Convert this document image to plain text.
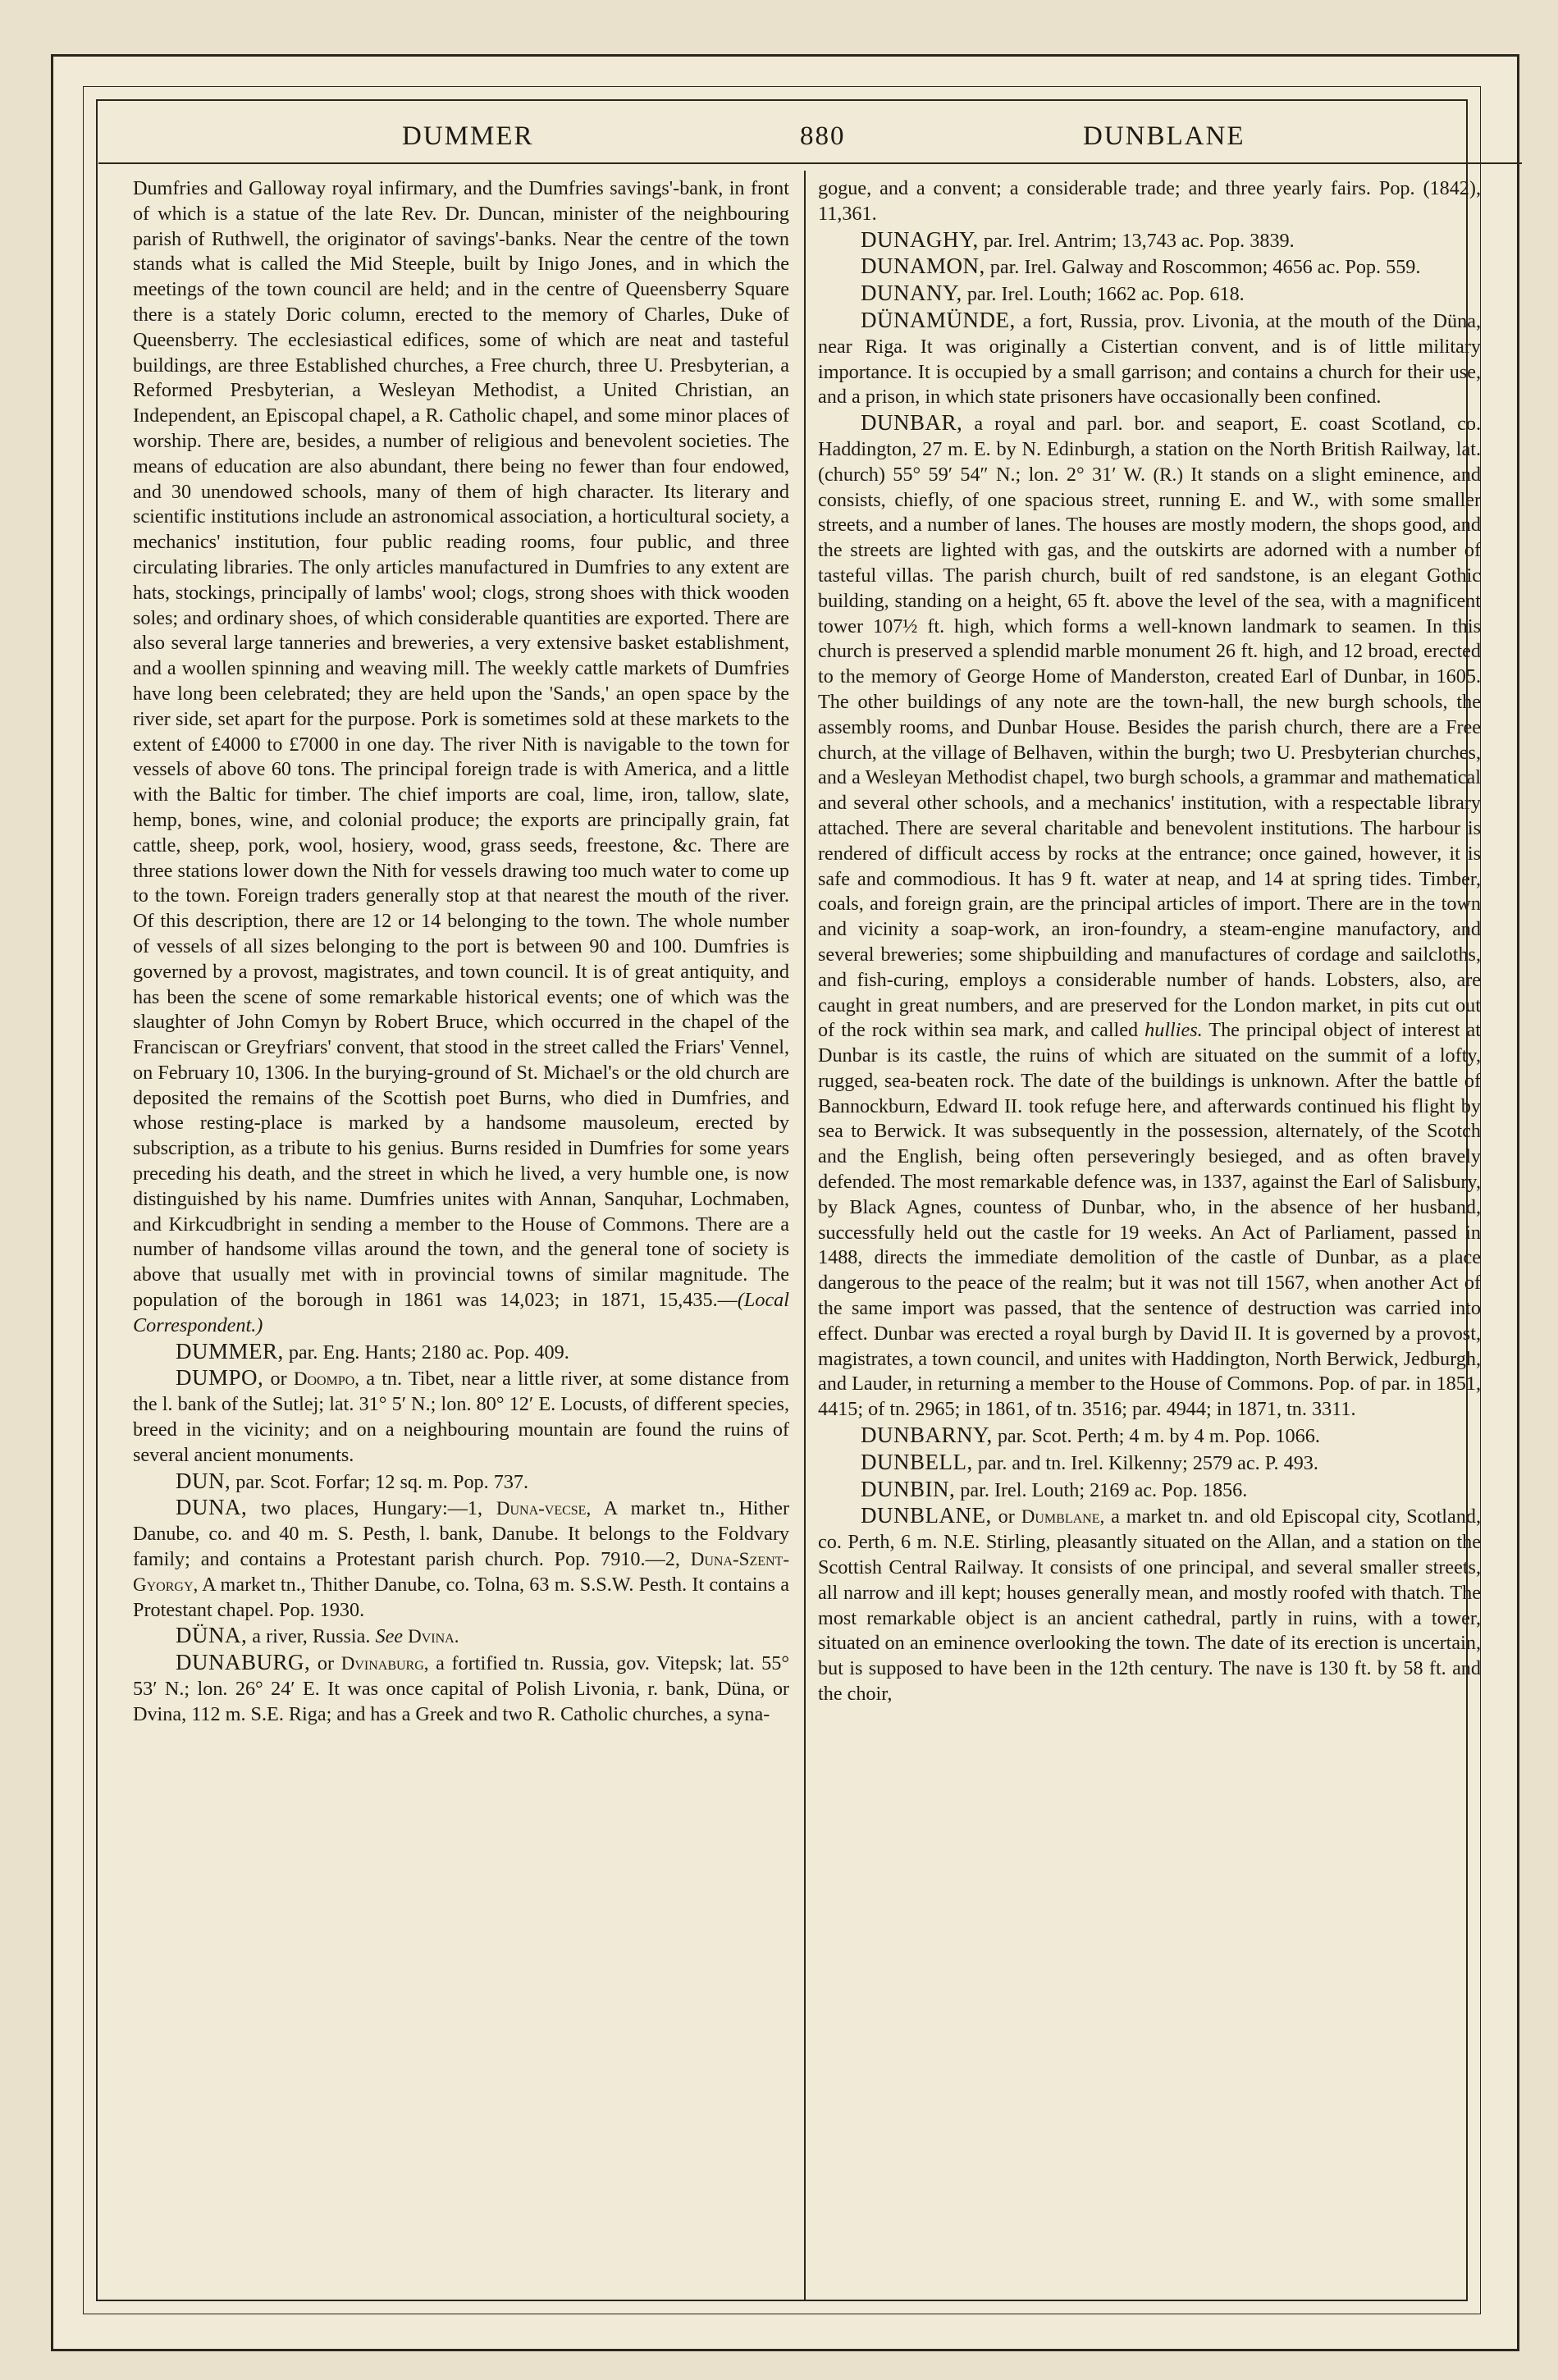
DUMMER	880	DUNBLANE

Dumfries and Galloway royal infirmary, and the Dumfries savings'-bank, in front of which is a statue of the late Rev. Dr. Duncan, minister of the neighbouring parish of Ruthwell, the originator of savings'-banks. Near the centre of the town stands what is called the Mid Steeple, built by Inigo Jones, and in which the meetings of the town council are held; and in the centre of Queensberry Square there is a stately Doric column, erected to the memory of Charles, Duke of Queensberry. The ecclesiastical edifices, some of which are neat and tasteful buildings, are three Established churches, a Free church, three U. Presbyterian, a Reformed Presbyterian, a Wesleyan Methodist, a United Christian, an Independent, an Episcopal chapel, a R. Catholic chapel, and some minor places of worship. There are, besides, a number of religious and benevolent societies. The means of education are also abundant, there being no fewer than four endowed, and 30 unendowed schools, many of them of high character. Its literary and scientific institutions include an astronomical association, a horticultural society, a mechanics' institution, four public reading rooms, four public, and three circulating libraries. The only articles manufactured in Dumfries to any extent are hats, stockings, principally of lambs' wool; clogs, strong shoes with thick wooden soles; and ordinary shoes, of which considerable quantities are exported. There are also several large tanneries and breweries, a very extensive basket establishment, and a woollen spinning and weaving mill. The weekly cattle markets of Dumfries have long been celebrated; they are held upon the 'Sands,' an open space by the river side, set apart for the purpose. Pork is sometimes sold at these markets to the extent of £4000 to £7000 in one day. The river Nith is navigable to the town for vessels of above 60 tons. The principal foreign trade is with America, and a little with the Baltic for timber. The chief imports are coal, lime, iron, tallow, slate, hemp, bones, wine, and colonial produce; the exports are principally grain, fat cattle, sheep, pork, wool, hosiery, wood, grass seeds, freestone, &c. There are three stations lower down the Nith for vessels drawing too much water to come up to the town. Foreign traders generally stop at that nearest the mouth of the river. Of this description, there are 12 or 14 belonging to the town. The whole number of vessels of all sizes belonging to the port is between 90 and 100. Dumfries is governed by a provost, magistrates, and town council. It is of great antiquity, and has been the scene of some remarkable historical events; one of which was the slaughter of John Comyn by Robert Bruce, which occurred in the chapel of the Franciscan or Greyfriars' convent, that stood in the street called the Friars' Vennel, on February 10, 1306. In the burying-ground of St. Michael's or the old church are deposited the remains of the Scottish poet Burns, who died in Dumfries, and whose resting-place is marked by a handsome mausoleum, erected by subscription, as a tribute to his genius. Burns resided in Dumfries for some years preceding his death, and the street in which he lived, a very humble one, is now distinguished by his name. Dumfries unites with Annan, Sanquhar, Lochmaben, and Kirkcudbright in sending a member to the House of Commons. There are a number of handsome villas around the town, and the general tone of society is above that usually met with in provincial towns of similar magnitude. The population of the borough in 1861 was 14,023; in 1871, 15,435.—(Local Correspondent.)

DUMMER, par. Eng. Hants; 2180 ac. Pop. 409.

DUMPO, or Doompo, a tn. Tibet, near a little river, at some distance from the l. bank of the Sutlej; lat. 31° 5′ N.; lon. 80° 12′ E. Locusts, of different species, breed in the vicinity; and on a neighbouring mountain are found the ruins of several ancient monuments.

DUN, par. Scot. Forfar; 12 sq. m. Pop. 737.

DUNA, two places, Hungary:—1, Duna-vecse, A market tn., Hither Danube, co. and 40 m. S. Pesth, l. bank, Danube. It belongs to the Foldvary family; and contains a Protestant parish church. Pop. 7910.—2, Duna-Szent-Gyorgy, A market tn., Thither Danube, co. Tolna, 63 m. S.S.W. Pesth. It contains a Protestant chapel. Pop. 1930.

DÜNA, a river, Russia. See Dvina.

DUNABURG, or Dvinaburg, a fortified tn. Russia, gov. Vitepsk; lat. 55° 53′ N.; lon. 26° 24′ E. It was once capital of Polish Livonia, r. bank, Düna, or Dvina, 112 m. S.E. Riga; and has a Greek and two R. Catholic churches, a syna-

gogue, and a convent; a considerable trade; and three yearly fairs. Pop. (1842), 11,361.

DUNAGHY, par. Irel. Antrim; 13,743 ac. Pop. 3839.

DUNAMON, par. Irel. Galway and Roscommon; 4656 ac. Pop. 559.

DUNANY, par. Irel. Louth; 1662 ac. Pop. 618.

DÜNAMÜNDE, a fort, Russia, prov. Livonia, at the mouth of the Düna, near Riga. It was originally a Cistertian convent, and is of little military importance. It is occupied by a small garrison; and contains a church for their use, and a prison, in which state prisoners have occasionally been confined.

DUNBAR, a royal and parl. bor. and seaport, E. coast Scotland, co. Haddington, 27 m. E. by N. Edinburgh, a station on the North British Railway, lat. (church) 55° 59′ 54″ N.; lon. 2° 31′ W. (R.) It stands on a slight eminence, and consists, chiefly, of one spacious street, running E. and W., with some smaller streets, and a number of lanes. The houses are mostly modern, the shops good, and the streets are lighted with gas, and the outskirts are adorned with a number of tasteful villas. The parish church, built of red sandstone, is an elegant Gothic building, standing on a height, 65 ft. above the level of the sea, with a magnificent tower 107½ ft. high, which forms a well-known landmark to seamen. In this church is preserved a splendid marble monument 26 ft. high, and 12 broad, erected to the memory of George Home of Manderston, created Earl of Dunbar, in 1605. The other buildings of any note are the town-hall, the new burgh schools, the assembly rooms, and Dunbar House. Besides the parish church, there are a Free church, at the village of Belhaven, within the burgh; two U. Presbyterian churches, and a Wesleyan Methodist chapel, two burgh schools, a grammar and mathematical and several other schools, and a mechanics' institution, with a respectable library attached. There are several charitable and benevolent institutions. The harbour is rendered of difficult access by rocks at the entrance; once gained, however, it is safe and commodious. It has 9 ft. water at neap, and 14 at spring tides. Timber, coals, and foreign grain, are the principal articles of import. There are in the town and vicinity a soap-work, an iron-foundry, a steam-engine manufactory, and several breweries; some shipbuilding and manufactures of cordage and sailcloths, and fish-curing, employs a considerable number of hands. Lobsters, also, are caught in great numbers, and are preserved for the London market, in pits cut out of the rock within sea mark, and called hullies. The principal object of interest at Dunbar is its castle, the ruins of which are situated on the summit of a lofty, rugged, sea-beaten rock. The date of the buildings is unknown. After the battle of Bannockburn, Edward II. took refuge here, and afterwards continued his flight by sea to Berwick. It was subsequently in the possession, alternately, of the Scotch and the English, being often perseveringly besieged, and as often bravely defended. The most remarkable defence was, in 1337, against the Earl of Salisbury, by Black Agnes, countess of Dunbar, who, in the absence of her husband, successfully held out the castle for 19 weeks. An Act of Parliament, passed in 1488, directs the immediate demolition of the castle of Dunbar, as a place dangerous to the peace of the realm; but it was not till 1567, when another Act of the same import was passed, that the sentence of destruction was carried into effect. Dunbar was erected a royal burgh by David II. It is governed by a provost, magistrates, a town council, and unites with Haddington, North Berwick, Jedburgh, and Lauder, in returning a member to the House of Commons. Pop. of par. in 1851, 4415; of tn. 2965; in 1861, of tn. 3516; par. 4944; in 1871, tn. 3311.

DUNBARNY, par. Scot. Perth; 4 m. by 4 m. Pop. 1066.

DUNBELL, par. and tn. Irel. Kilkenny; 2579 ac. P. 493.

DUNBIN, par. Irel. Louth; 2169 ac. Pop. 1856.

DUNBLANE, or Dumblane, a market tn. and old Episcopal city, Scotland, co. Perth, 6 m. N.E. Stirling, pleasantly situated on the Allan, and a station on the Scottish Central Railway. It consists of one principal, and several smaller streets, all narrow and ill kept; houses generally mean, and mostly roofed with thatch. The most remarkable object is an ancient cathedral, partly in ruins, with a tower, situated on an eminence overlooking the town. The date of its erection is uncertain, but is supposed to have been in the 12th century. The nave is 130 ft. by 58 ft. and the choir,
